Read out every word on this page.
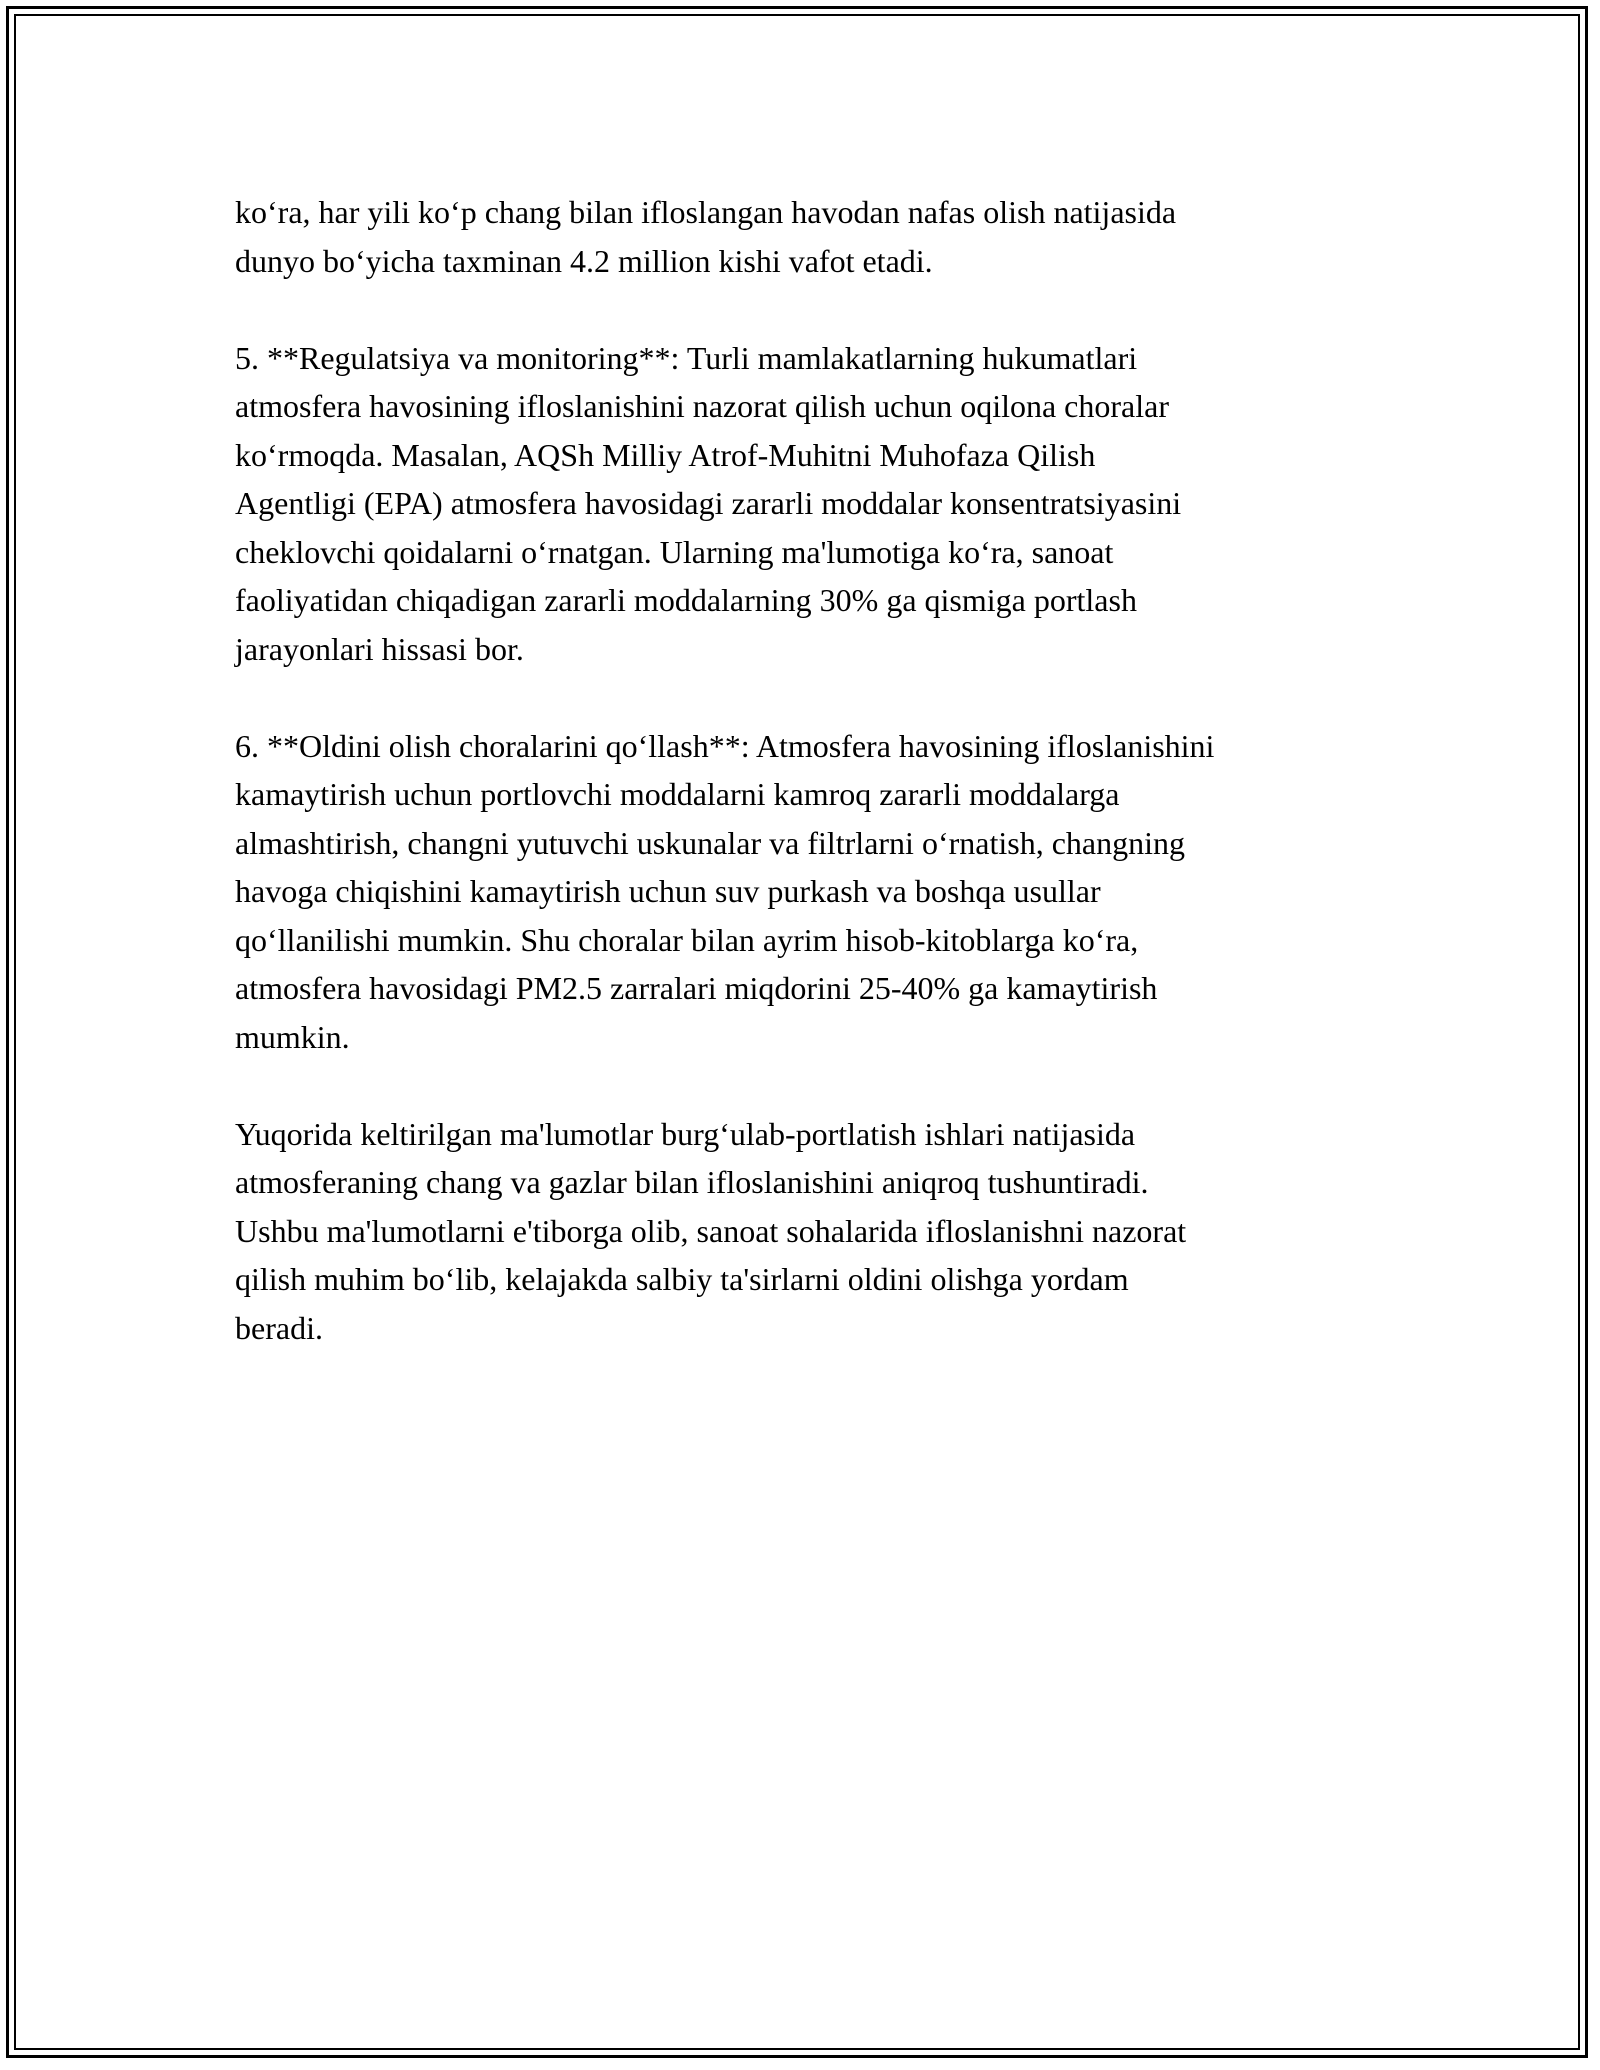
ko‘ra, har yili ko‘p chang bilan ifloslangan havodan nafas olish natijasida
dunyo bo‘yicha taxminan 4.2 million kishi vafot etadi.

5. **Regulatsiya va monitoring**: Turli mamlakatlarning hukumatlari
atmosfera havosining ifloslanishini nazorat qilish uchun oqilona choralar
ko‘rmoqda. Masalan, AQSh Milliy Atrof-Muhitni Muhofaza Qilish
Agentligi (EPA) atmosfera havosidagi zararli moddalar konsentratsiyasini
cheklovchi qoidalarni o‘rnatgan. Ularning ma'lumotiga ko‘ra, sanoat
faoliyatidan chiqadigan zararli moddalarning 30% ga qismiga portlash
jarayonlari hissasi bor.

6. **Oldini olish choralarini qo‘llash**: Atmosfera havosining ifloslanishini
kamaytirish uchun portlovchi moddalarni kamroq zararli moddalarga
almashtirish, changni yutuvchi uskunalar va filtrlarni o‘rnatish, changning
havoga chiqishini kamaytirish uchun suv purkash va boshqa usullar
qo‘llanilishi mumkin. Shu choralar bilan ayrim hisob-kitoblarga ko‘ra,
atmosfera havosidagi PM2.5 zarralari miqdorini 25-40% ga kamaytirish
mumkin.

Yuqorida keltirilgan ma'lumotlar burg‘ulab-portlatish ishlari natijasida
atmosferaning chang va gazlar bilan ifloslanishini aniqroq tushuntiradi.
Ushbu ma'lumotlarni e'tiborga olib, sanoat sohalarida ifloslanishni nazorat
qilish muhim bo‘lib, kelajakda salbiy ta'sirlarni oldini olishga yordam
beradi.
